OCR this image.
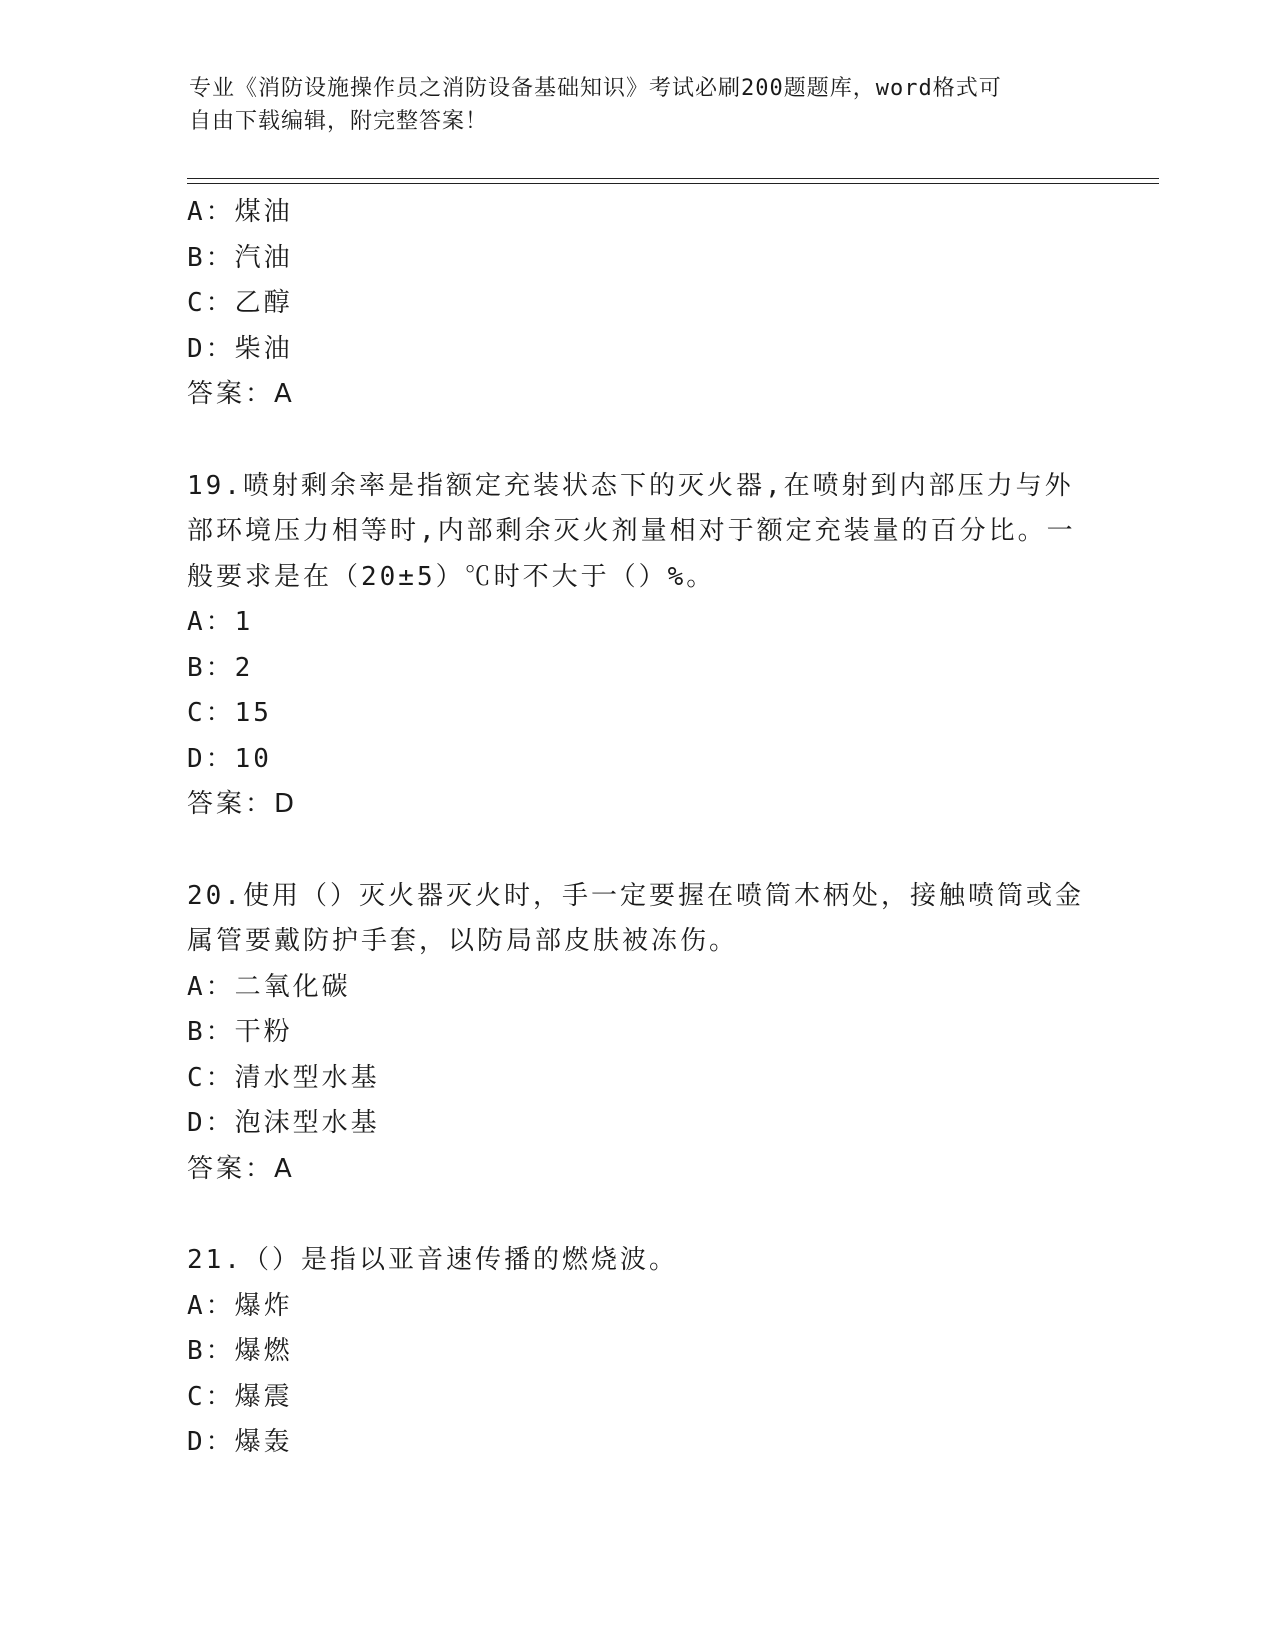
专业《消防设施操作员之消防设备基础知识》考试必刷200题题库，word格式可
自由下载编辑，附完整答案！
A：煤油
B：汽油
C：乙醇
D：柴油
答案：A
19.喷射剩余率是指额定充装状态下的灭火器,在喷射到内部压力与外
部环境压力相等时,内部剩余灭火剂量相对于额定充装量的百分比。一
般要求是在（20±5）℃时不大于（）%。
A：1
B：2
C：15
D：10
答案：D
20.使用（）灭火器灭火时，手一定要握在喷筒木柄处，接触喷筒或金
属管要戴防护手套，以防局部皮肤被冻伤。
A：二氧化碳
B：干粉
C：清水型水基
D：泡沫型水基
答案：A
21.（）是指以亚音速传播的燃烧波。
A：爆炸
B：爆燃
C：爆震
D：爆轰
